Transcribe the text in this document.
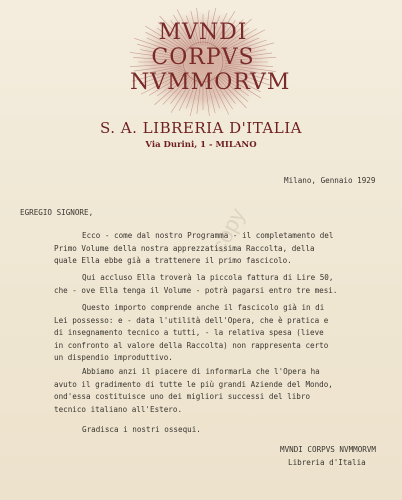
MVNDI
CORPVS
NVMMORVM
S. A. LIBRERIA D'ITALIA
Via Durini, 1 - MILANO
Milano, Gennaio 1929
EGREGIO SIGNORE,
Ecco - come dal nostro Programma - il completamento del
Primo Volume della nostra apprezzatissima Raccolta, della
quale Ella ebbe già a trattenere il primo fascicolo.
Qui accluso Ella troverà la piccola fattura di Lire 50,
che - ove Ella tenga il Volume - potrà pagarsi entro tre mesi.
Questo importo comprende anche il fascicolo già in di
Lei possesso: e - data l'utilità dell'Opera, che è pratica e
di insegnamento tecnico a tutti, - la relativa spesa (lieve
in confronto al valore della Raccolta) non rappresenta certo
un dispendio improduttivo.
Abbiamo anzi il piacere di informarLa che l'Opera ha
avuto il gradimento di tutte le più grandi Aziende del Mondo,
ond'essa costituisce uno dei migliori successi del libro
tecnico italiano all'Estero.
Gradisca i nostri ossequi.
MVNDI CORPVS NVMMORVM
Libreria d'Italia
copy
